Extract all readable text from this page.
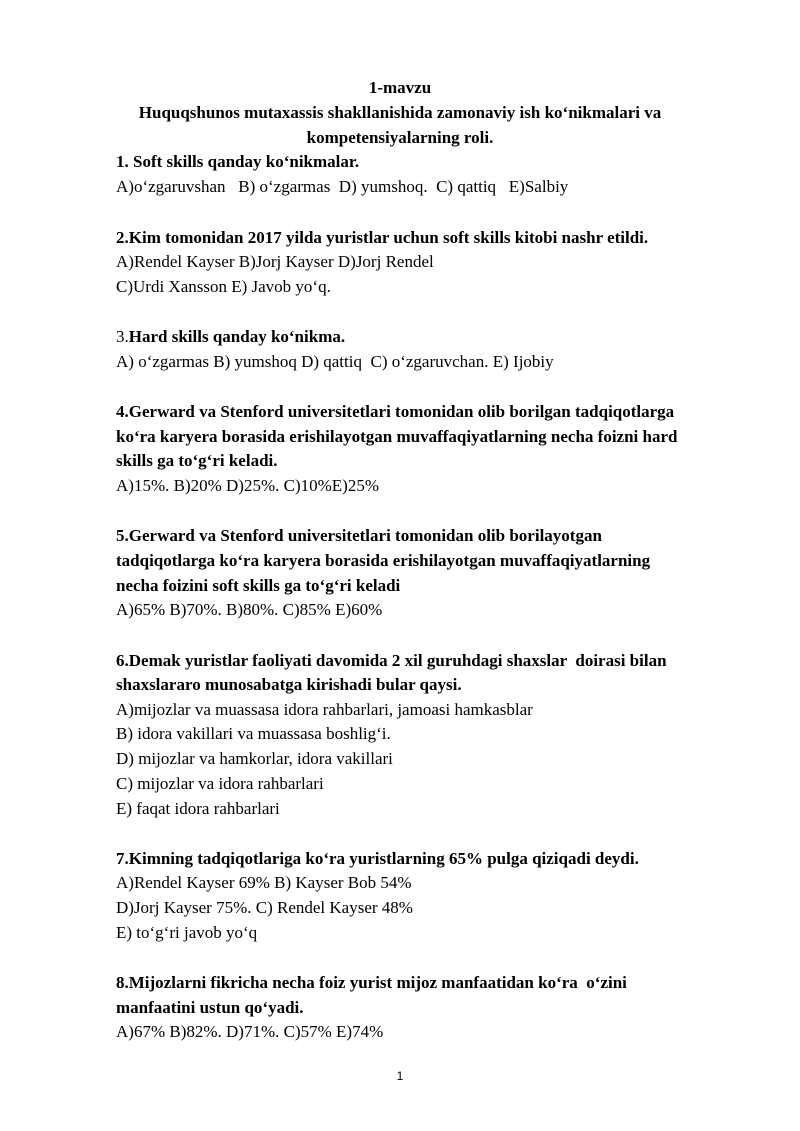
1-mavzu
Huquqshunos mutaxassis shakllanishida zamonaviy ish koʻnikmalari va
kompetensiyalarning roli.
1. Soft skills qanday koʻnikmalar.
A)oʻzgaruvshan   B) oʻzgarmas  D) yumshoq.  C) qattiq   E)Salbiy
2.Kim tomonidan 2017 yilda yuristlar uchun soft skills kitobi nashr etildi.
A)Rendel Kayser B)Jorj Kayser D)Jorj Rendel
C)Urdi Xansson E) Javob yoʻq.
3.Hard skills qanday koʻnikma.
A) oʻzgarmas B) yumshoq D) qattiq  C) oʻzgaruvchan. E) Ijobiy
4.Gerward va Stenford universitetlari tomonidan olib borilgan tadqiqotlarga
koʻra karyera borasida erishilayotgan muvaffaqiyatlarning necha foizni hard
skills ga toʻgʻri keladi.
A)15%. B)20% D)25%. C)10%E)25%
5.Gerward va Stenford universitetlari tomonidan olib borilayotgan
tadqiqotlarga koʻra karyera borasida erishilayotgan muvaffaqiyatlarning
necha foizini soft skills ga toʻgʻri keladi
A)65% B)70%. B)80%. C)85% E)60%
6.Demak yuristlar faoliyati davomida 2 xil guruhdagi shaxslar  doirasi bilan
shaxslararo munosabatga kirishadi bular qaysi.
A)mijozlar va muassasa idora rahbarlari, jamoasi hamkasblar
B) idora vakillari va muassasa boshligʻi.
D) mijozlar va hamkorlar, idora vakillari
C) mijozlar va idora rahbarlari
E) faqat idora rahbarlari
7.Kimning tadqiqotlariga koʻra yuristlarning 65% pulga qiziqadi deydi.
A)Rendel Kayser 69% B) Kayser Bob 54%
D)Jorj Kayser 75%. C) Rendel Kayser 48%
E) toʻgʻri javob yoʻq
8.Mijozlarni fikricha necha foiz yurist mijoz manfaatidan koʻra  oʻzini
manfaatini ustun qoʻyadi.
A)67% B)82%. D)71%. C)57% E)74%
1
